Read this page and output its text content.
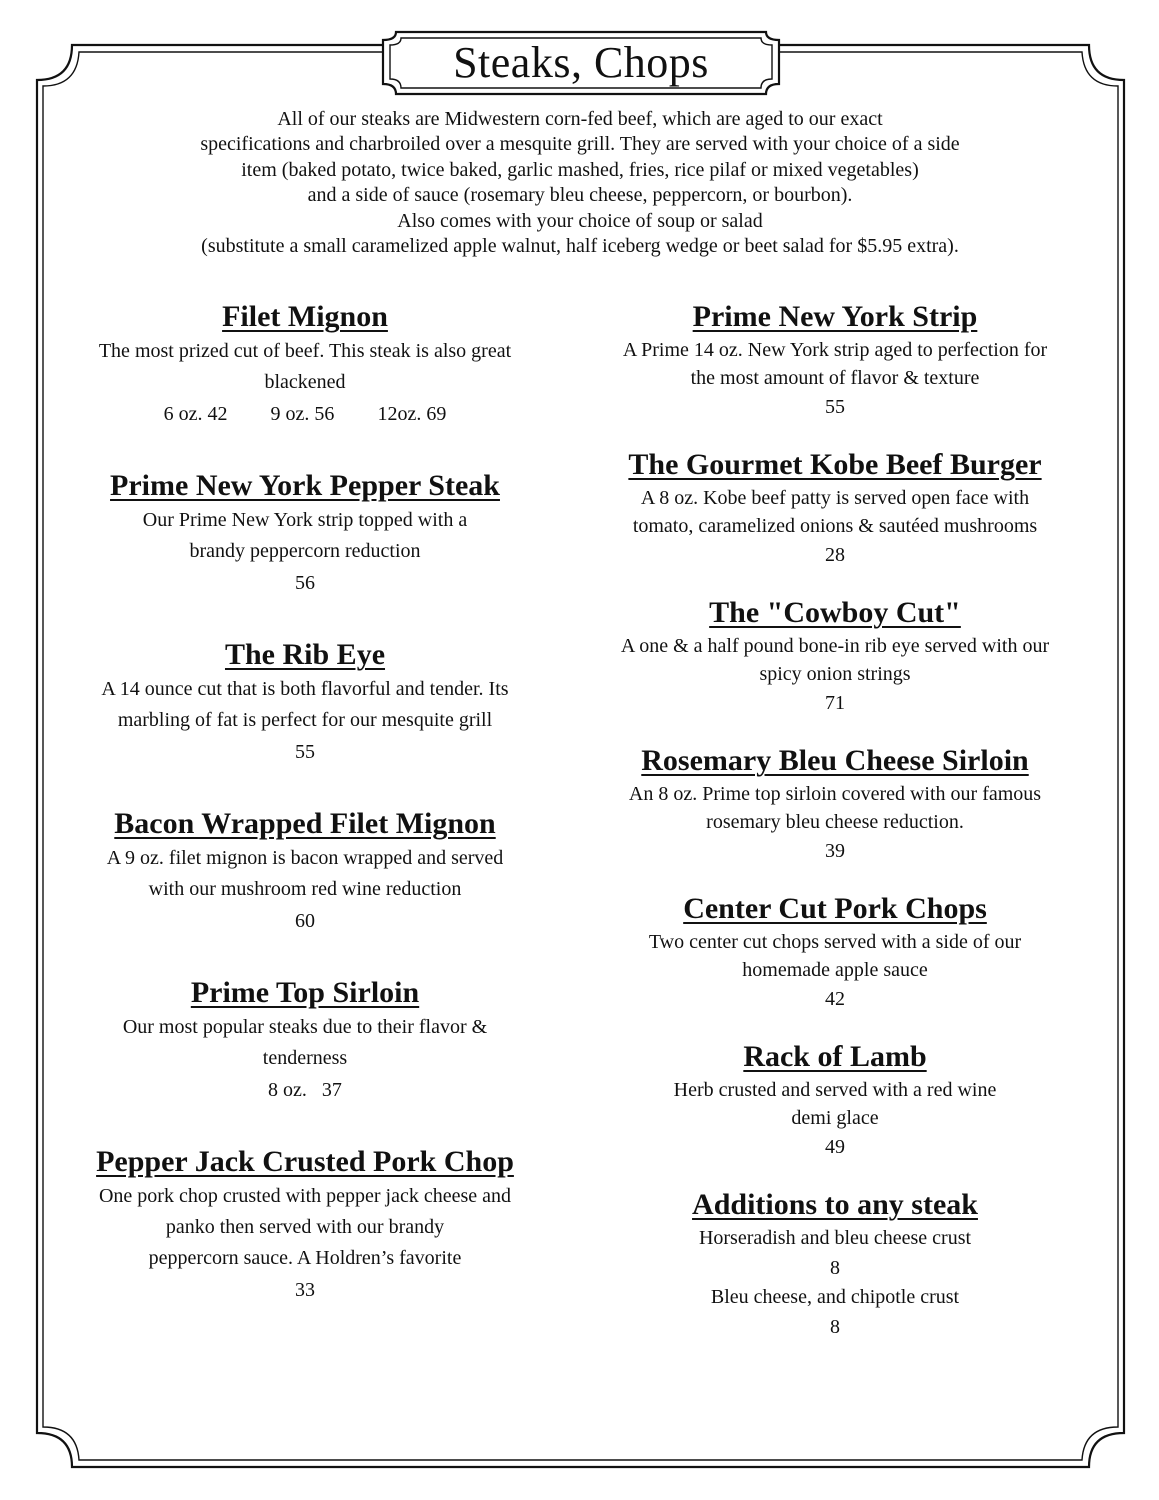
Steaks, Chops
All of our steaks are Midwestern corn-fed beef, which are aged to our exact
specifications and charbroiled over a mesquite grill. They are served with your choice of a side
item (baked potato, twice baked, garlic mashed, fries, rice pilaf or mixed vegetables)
and a side of sauce (rosemary bleu cheese, peppercorn, or bourbon).
Also comes with your choice of soup or salad
(substitute a small caramelized apple walnut, half iceberg wedge or beet salad for $5.95 extra).
Filet Mignon
The most prized cut of beef. This steak is also great
blackened
6 oz. 42 9 oz. 56 12oz. 69
Prime New York Pepper Steak
Our Prime New York strip topped with a
brandy peppercorn reduction
56
The Rib Eye
A 14 ounce cut that is both flavorful and tender. Its
marbling of fat is perfect for our mesquite grill
55
Bacon Wrapped Filet Mignon
A 9 oz. filet mignon is bacon wrapped and served
with our mushroom red wine reduction
60
Prime Top Sirloin
Our most popular steaks due to their flavor &
tenderness
8 oz.   37
Pepper Jack Crusted Pork Chop
One pork chop crusted with pepper jack cheese and
panko then served with our brandy
peppercorn sauce. A Holdren’s favorite
33
Prime New York Strip
A Prime 14 oz. New York strip aged to perfection for
the most amount of flavor & texture
55
The Gourmet Kobe Beef Burger
A 8 oz. Kobe beef patty is served open face with
tomato, caramelized onions & sautéed mushrooms
28
The "Cowboy Cut"
A one & a half pound bone-in rib eye served with our
spicy onion strings
71
Rosemary Bleu Cheese Sirloin
An 8 oz. Prime top sirloin covered with our famous
rosemary bleu cheese reduction.
39
Center Cut Pork Chops
Two center cut chops served with a side of our
homemade apple sauce
42
Rack of Lamb
Herb crusted and served with a red wine
demi glace
49
Additions to any steak
Horseradish and bleu cheese crust
8
Bleu cheese, and chipotle crust
8
